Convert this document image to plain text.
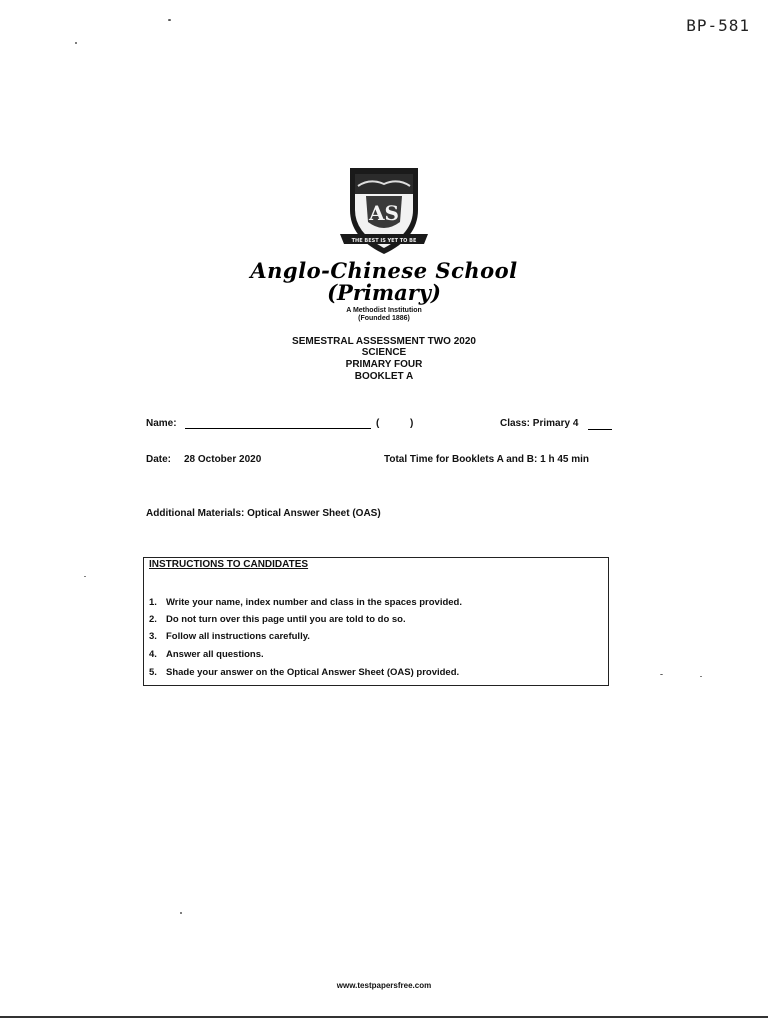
BP-581
AS
THE BEST IS YET TO BE
Anglo-Chinese School
(Primary)
A Methodist Institution
(Founded 1886)
SEMESTRAL ASSESSMENT TWO 2020
SCIENCE
PRIMARY FOUR
BOOKLET A
Name:	(	)	Class: Primary 4
Date: 28 October 2020	Total Time for Booklets A and B: 1 h 45 min
Additional Materials: Optical Answer Sheet (OAS)
INSTRUCTIONS TO CANDIDATES
1. Write your name, index number and class in the spaces provided.
2. Do not turn over this page until you are told to do so.
3. Follow all instructions carefully.
4. Answer all questions.
5. Shade your answer on the Optical Answer Sheet (OAS) provided.
www.testpapersfree.com
